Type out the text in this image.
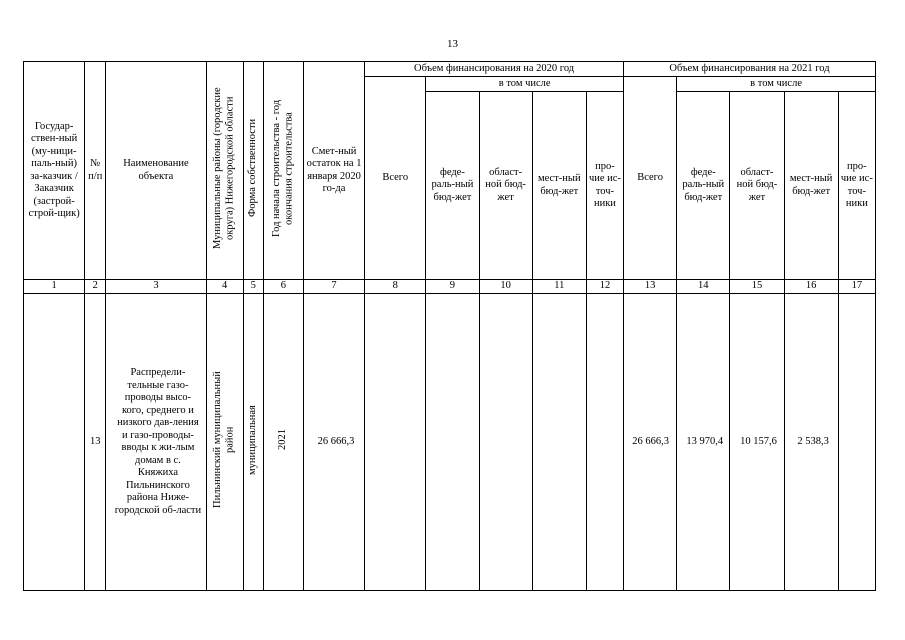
13
Государ-ствен-ный (му-ници-паль-ный) за-казчик / Заказчик (застрой-строй-щик)	№ п/п	Наименование объекта	Муниципальные районы (городские округа) Нижегородской области	Форма собственности	Год начала строительства - год окончания строительства	Смет-ный остаток на 1 января 2020 го-да	Объем финансирования на 2020 год					Объем финансирования на 2021 год				
							Всего	в том числе				Всего	в том числе			
								феде-раль-ный бюд-жет	област-ной бюд-жет	мест-ный бюд-жет	про-чие ис-точ-ники		феде-раль-ный бюд-жет	област-ной бюд-жет	мест-ный бюд-жет	про-чие ис-точ-ники
1	2	3	4	5	6	7	8	9	10	11	12	13	14	15	16	17
	13	Распредели-тельные газо-проводы высо-кого, среднего и низкого дав-ления и газо-проводы-вводы к жи-лым домам в с. Княжиха Пильнинского района Ниже-городской об-ласти	Пильнинский муниципальный район	муниципальная	2021	26 666,3						26 666,3	13 970,4	10 157,6	2 538,3	
